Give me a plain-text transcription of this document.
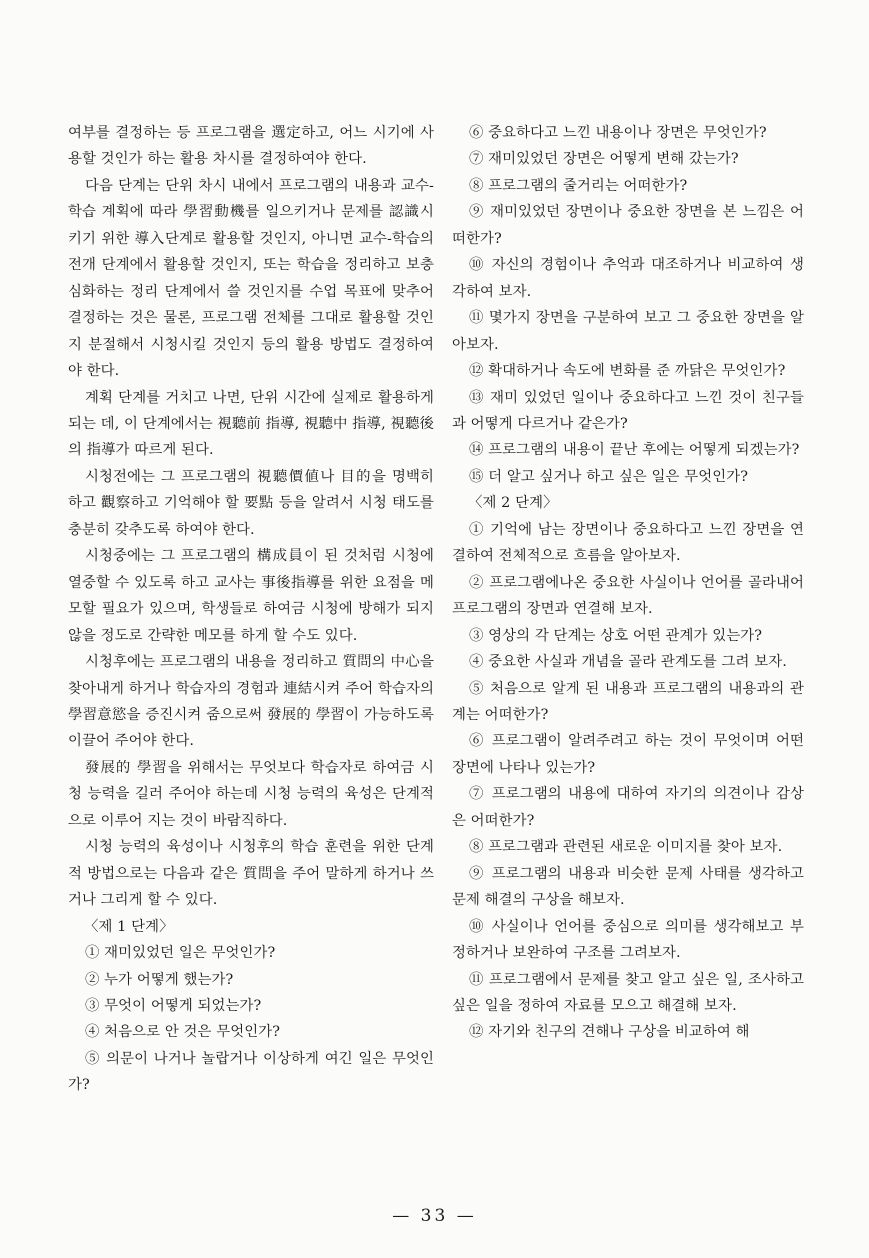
여부를 결정하는 등 프로그램을 選定하고, 어느 시기에 사용할 것인가 하는 활용 차시를 결정하여야 한다.

다음 단계는 단위 차시 내에서 프로그램의 내용과 교수-학습 계획에 따라 學習動機를 일으키거나 문제를 認識시키기 위한 導入단계로 활용할 것인지, 아니면 교수-학습의 전개 단계에서 활용할 것인지, 또는 학습을 정리하고 보충 심화하는 정리 단계에서 쓸 것인지를 수업 목표에 맞추어 결정하는 것은 물론, 프로그램 전체를 그대로 활용할 것인지 분절해서 시청시킬 것인지 등의 활용 방법도 결정하여야 한다.

계획 단계를 거치고 나면, 단위 시간에 실제로 활용하게 되는 데, 이 단계에서는 視聽前 指導, 視聽中 指導, 視聽後의 指導가 따르게 된다.

시청전에는 그 프로그램의 視聽價値나 目的을 명백히 하고 觀察하고 기억해야 할 要點 등을 알려서 시청 태도를 충분히 갖추도록 하여야 한다.

시청중에는 그 프로그램의 構成員이 된 것처럼 시청에 열중할 수 있도록 하고 교사는 事後指導를 위한 요점을 메모할 필요가 있으며, 학생들로 하여금 시청에 방해가 되지 않을 정도로 간략한 메모를 하게 할 수도 있다.

시청후에는 프로그램의 내용을 정리하고 質問의 中心을 찾아내게 하거나 학습자의 경험과 連結시켜 주어 학습자의 學習意慾을 증진시켜 줌으로써 發展的 學習이 가능하도록 이끌어 주어야 한다.

發展的 學習을 위해서는 무엇보다 학습자로 하여금 시청 능력을 길러 주어야 하는데 시청 능력의 육성은 단계적으로 이루어 지는 것이 바람직하다.

시청 능력의 육성이나 시청후의 학습 훈련을 위한 단계적 방법으로는 다음과 같은 質問을 주어 말하게 하거나 쓰거나 그리게 할 수 있다.

〈제 1 단계〉
① 재미있었던 일은 무엇인가?
② 누가 어떻게 했는가?
③ 무엇이 어떻게 되었는가?
④ 처음으로 안 것은 무엇인가?

⑤ 의문이 나거나 놀랍거나 이상하게 여긴 일은 무엇인가?

⑥ 중요하다고 느낀 내용이나 장면은 무엇인가?

⑦ 재미있었던 장면은 어떻게 변해 갔는가?

⑧ 프로그램의 줄거리는 어떠한가?

⑨ 재미있었던 장면이나 중요한 장면을 본 느낌은 어떠한가?

⑩ 자신의 경험이나 추억과 대조하거나 비교하여 생각하여 보자.

⑪ 몇가지 장면을 구분하여 보고 그 중요한 장면을 알아보자.

⑫ 확대하거나 속도에 변화를 준 까닭은 무엇인가?

⑬ 재미 있었던 일이나 중요하다고 느낀 것이 친구들과 어떻게 다르거나 같은가?

⑭ 프로그램의 내용이 끝난 후에는 어떻게 되겠는가?

⑮ 더 알고 싶거나 하고 싶은 일은 무엇인가?

〈제 2 단계〉

① 기억에 남는 장면이나 중요하다고 느낀 장면을 연결하여 전체적으로 흐름을 알아보자.

② 프로그램에나온 중요한 사실이나 언어를 골라내어 프로그램의 장면과 연결해 보자.

③ 영상의 각 단계는 상호 어떤 관계가 있는가?

④ 중요한 사실과 개념을 골라 관계도를 그려 보자.

⑤ 처음으로 알게 된 내용과 프로그램의 내용과의 관계는 어떠한가?

⑥ 프로그램이 알려주려고 하는 것이 무엇이며 어떤 장면에 나타나 있는가?

⑦ 프로그램의 내용에 대하여 자기의 의견이나 감상은 어떠한가?

⑧ 프로그램과 관련된 새로운 이미지를 찾아 보자.

⑨ 프로그램의 내용과 비슷한 문제 사태를 생각하고 문제 해결의 구상을 해보자.

⑩ 사실이나 언어를 중심으로 의미를 생각해보고 부정하거나 보완하여 구조를 그려보자.

⑪ 프로그램에서 문제를 찾고 알고 싶은 일, 조사하고 싶은 일을 정하여 자료를 모으고 해결해 보자.

⑫ 자기와 친구의 견해나 구상을 비교하여 해

— 33 —
